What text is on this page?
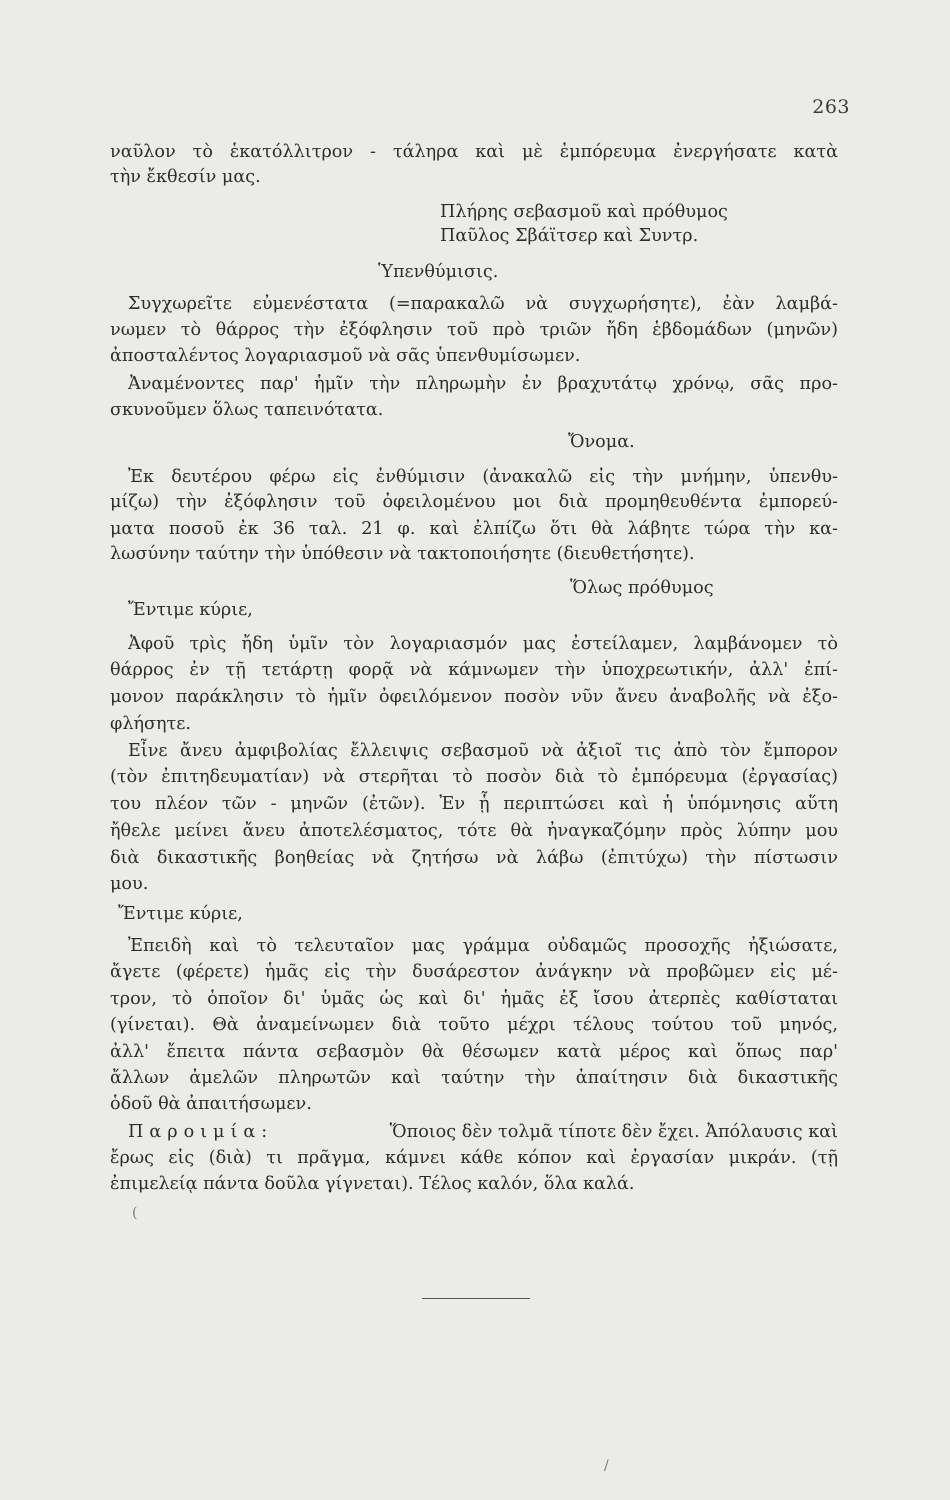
263
ναῦλον τὸ ἑκατόλλιτρον - τάληρα καὶ μὲ ἐμπόρευμα ἐνεργήσατε κατὰ
τὴν ἔκθεσίν μας.
Πλήρης σεβασμοῦ καὶ πρόθυμος
Παῦλος Σβάϊτσερ καὶ Συντρ.
Ὑπενθύμισις.
Συγχωρεῖτε εὐμενέστατα (=παρακαλῶ νὰ συγχωρήσητε), ἐὰν λαμβά-
νωμεν τὸ θάρρος τὴν ἐξόφλησιν τοῦ πρὸ τριῶν ἤδη ἑβδομάδων (μηνῶν)
ἀποσταλέντος λογαριασμοῦ νὰ σᾶς ὑπενθυμίσωμεν.
Ἀναμένοντες παρ' ἡμῖν τὴν πληρωμὴν ἐν βραχυτάτῳ χρόνῳ, σᾶς προ-
σκυνοῦμεν ὅλως ταπεινότατα.
Ὄνομα.
Ἐκ δευτέρου φέρω εἰς ἐνθύμισιν (ἀνακαλῶ εἰς τὴν μνήμην, ὑπενθυ-
μίζω) τὴν ἐξόφλησιν τοῦ ὀφειλομένου μοι διὰ προμηθευθέντα ἐμπορεύ-
ματα ποσοῦ ἐκ 36 ταλ. 21 φ. καὶ ἐλπίζω ὅτι θὰ λάβητε τώρα τὴν κα-
λωσύνην ταύτην τὴν ὑπόθεσιν νὰ τακτοποιήσητε (διευθετήσητε).
Ὅλως πρόθυμος
Ἔντιμε κύριε,
Ἀφοῦ τρὶς ἤδη ὑμῖν τὸν λογαριασμόν μας ἐστείλαμεν, λαμβάνομεν τὸ
θάρρος ἐν τῇ τετάρτῃ φορᾷ νὰ κάμνωμεν τὴν ὑποχρεωτικήν, ἀλλ' ἐπί-
μονον παράκλησιν τὸ ἡμῖν ὀφειλόμενον ποσὸν νῦν ἄνευ ἀναβολῆς νὰ ἐξο-
φλήσητε.
Εἶνε ἄνευ ἀμφιβολίας ἔλλειψις σεβασμοῦ νὰ ἀξιοῖ τις ἀπὸ τὸν ἔμπορον
(τὸν ἐπιτηδευματίαν) νὰ στερῆται τὸ ποσὸν διὰ τὸ ἐμπόρευμα (ἐργασίας)
του πλέον τῶν - μηνῶν (ἐτῶν). Ἐν ᾗ περιπτώσει καὶ ἡ ὑπόμνησις αὕτη
ἤθελε μείνει ἄνευ ἀποτελέσματος, τότε θὰ ἠναγκαζόμην πρὸς λύπην μου
διὰ δικαστικῆς βοηθείας νὰ ζητήσω νὰ λάβω (ἐπιτύχω) τὴν πίστωσιν
μου.
Ἔντιμε κύριε,
Ἐπειδὴ καὶ τὸ τελευταῖον μας γράμμα οὐδαμῶς προσοχῆς ἠξιώσατε,
ἄγετε (φέρετε) ἡμᾶς εἰς τὴν δυσάρεστον ἀνάγκην νὰ προβῶμεν εἰς μέ-
τρον, τὸ ὁποῖον δι' ὑμᾶς ὡς καὶ δι' ἡμᾶς ἐξ ἴσου ἀτερπὲς καθίσταται
(γίνεται). Θὰ ἀναμείνωμεν διὰ τοῦτο μέχρι τέλους τούτου τοῦ μηνός,
ἀλλ' ἔπειτα πάντα σεβασμὸν θὰ θέσωμεν κατὰ μέρος καὶ ὅπως παρ'
ἄλλων ἀμελῶν πληρωτῶν καὶ ταύτην τὴν ἀπαίτησιν διὰ δικαστικῆς
ὁδοῦ θὰ ἀπαιτήσωμεν.
Παροιμία:	Ὅποιος δὲν τολμᾶ τίποτε δὲν ἔχει. Ἀπόλαυσις καὶ
ἔρως εἰς (διὰ) τι πρᾶγμα, κάμνει κάθε κόπον καὶ ἐργασίαν μικράν. (τῇ
ἐπιμελείᾳ πάντα δοῦλα γίγνεται). Τέλος καλόν, ὅλα καλά.
(
/
